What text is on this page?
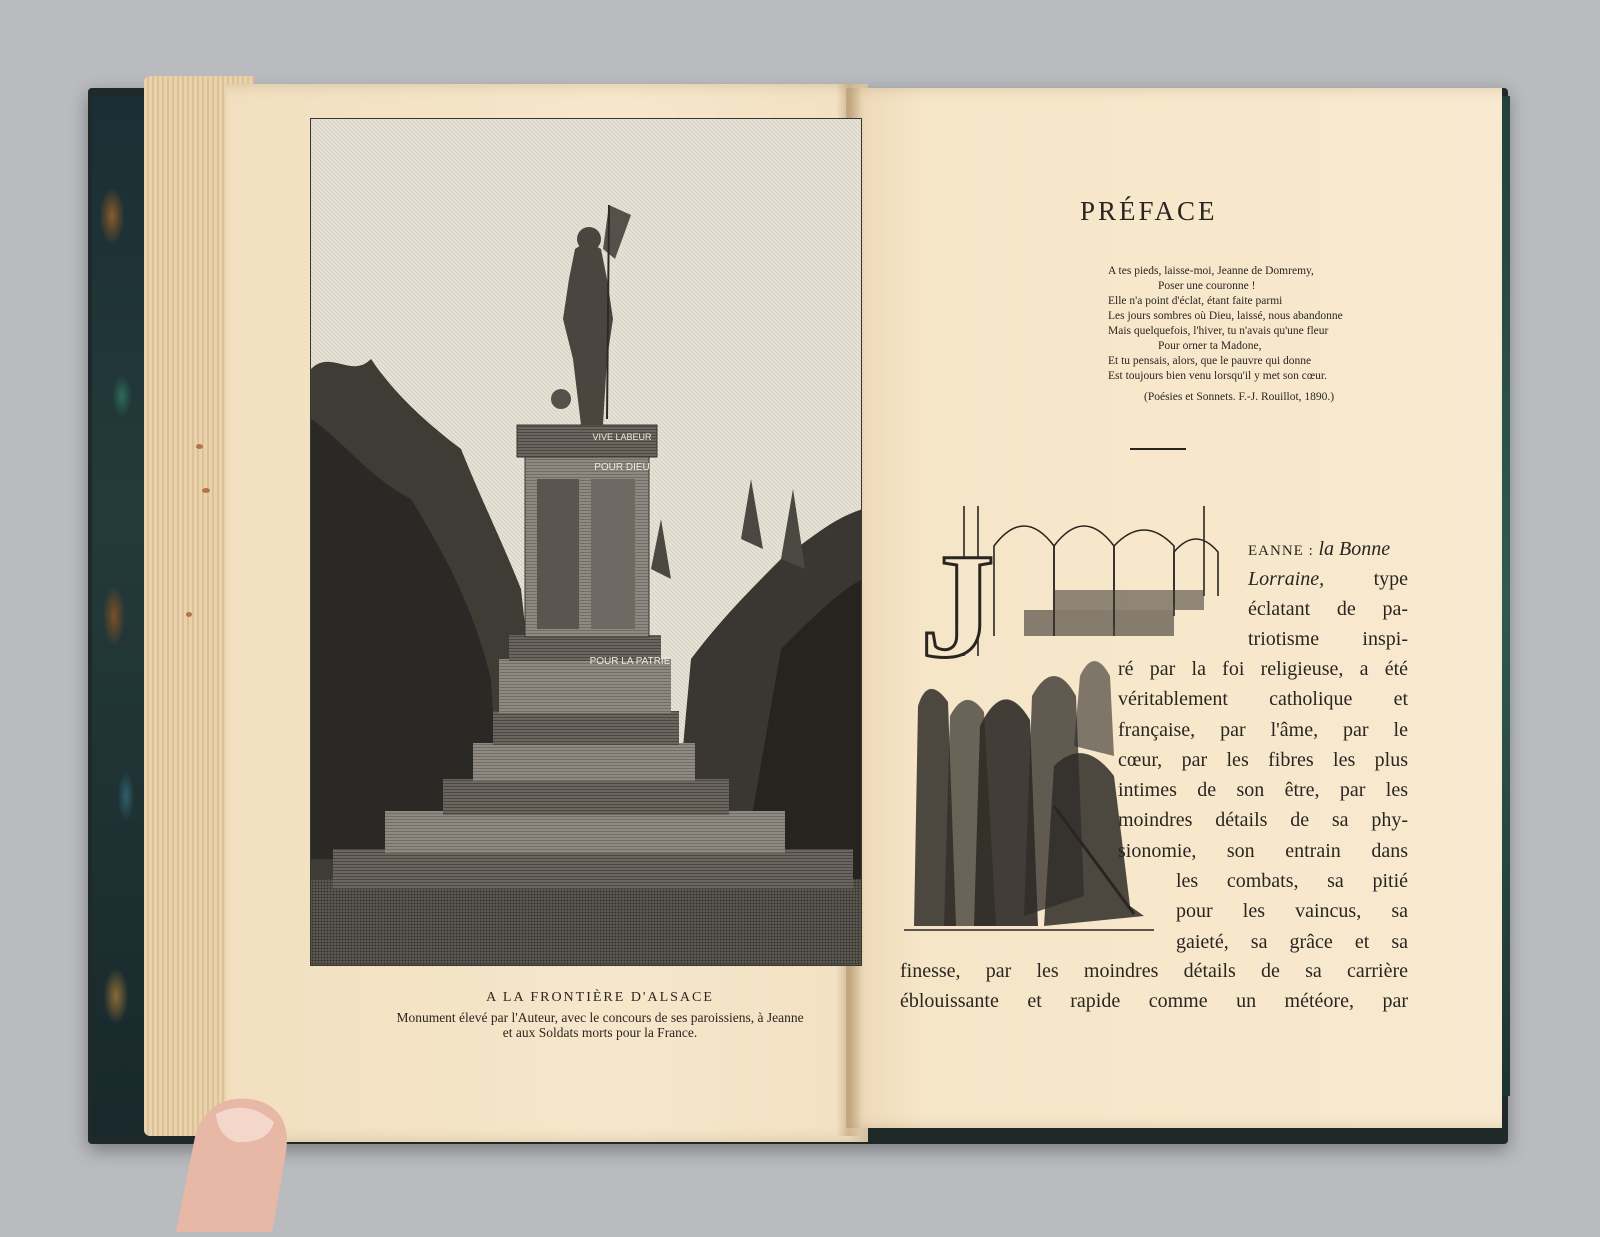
VIVE LABEUR
POUR DIEU
POUR LA PATRIE
A LA FRONTIÈRE D'ALSACE
Monument élevé par l'Auteur, avec le concours de ses paroissiens, à Jeanne
et aux Soldats morts pour la France.
PRÉFACE
A tes pieds, laisse-moi, Jeanne de Domremy,
Poser une couronne !
Elle n'a point d'éclat, étant faite parmi
Les jours sombres où Dieu, laissé, nous abandonne
Mais quelquefois, l'hiver, tu n'avais qu'une fleur
Pour orner ta Madone,
Et tu pensais, alors, que le pauvre qui donne
Est toujours bien venu lorsqu'il y met son cœur.
(Poésies et Sonnets. F.-J. Rouillot, 1890.)
J	EANNE : la Bonne
Lorraine, type
éclatant de pa-
triotisme inspi-
ré par la foi religieuse, a été
véritablement catholique et
française, par l'âme, par le
cœur, par les fibres les plus
intimes de son être, par les
moindres détails de sa phy-
sionomie, son entrain dans
les combats, sa pitié
pour les vaincus, sa
gaieté, sa grâce et sa
finesse, par les moindres détails de sa carrière
éblouissante et rapide comme un météore, par
